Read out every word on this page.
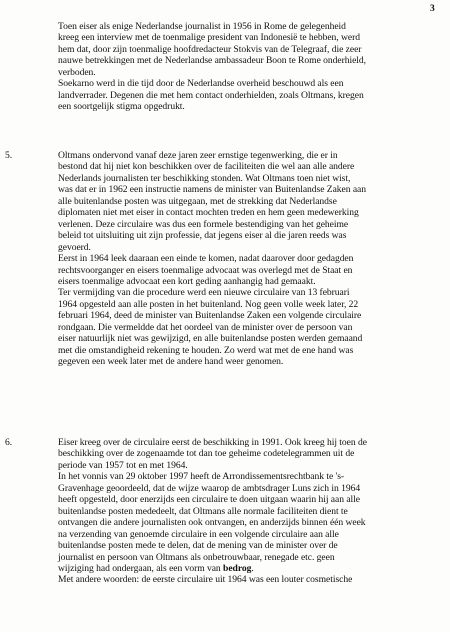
3
Toen eiser als enige Nederlandse journalist in 1956 in Rome de gelegenheid
kreeg een interview met de toenmalige president van Indonesië te hebben, werd
hem dat, door zijn toenmalige hoofdredacteur Stokvis van de Telegraaf, die zeer
nauwe betrekkingen met de Nederlandse ambassadeur Boon te Rome onderhield,
verboden.
Soekarno werd in die tijd door de Nederlandse overheid beschouwd als een
landverrader. Degenen die met hem contact onderhielden, zoals Oltmans, kregen
een soortgelijk stigma opgedrukt.
5.	Oltmans ondervond vanaf deze jaren zeer ernstige tegenwerking, die er in
bestond dat hij niet kon beschikken over de faciliteiten die wel aan alle andere
Nederlands journalisten ter beschikking stonden. Wat Oltmans toen niet wist,
was dat er in 1962 een instructie namens de minister van Buitenlandse Zaken aan
alle buitenlandse posten was uitgegaan, met de strekking dat Nederlandse
diplomaten niet met eiser in contact mochten treden en hem geen medewerking
verlenen. Deze circulaire was dus een formele bestendiging van het geheime
beleid tot uitsluiting uit zijn professie, dat jegens eiser al die jaren reeds was
gevoerd.
Eerst in 1964 leek daaraan een einde te komen, nadat daarover door gedagden
rechtsvoorganger en eisers toenmalige advocaat was overlegd met de Staat en
eisers toenmalige advocaat een kort geding aanhangig had gemaakt.
Ter vermijding van die procedure werd een nieuwe circulaire van 13 februari
1964 opgesteld aan alle posten in het buitenland. Nog geen volle week later, 22
februari 1964, deed de minister van Buitenlandse Zaken een volgende circulaire
rondgaan. Die vermeldde dat het oordeel van de minister over de persoon van
eiser natuurlijk niet was gewijzigd, en alle buitenlandse posten werden gemaand
met die omstandigheid rekening te houden. Zo werd wat met de ene hand was
gegeven een week later met de andere hand weer genomen.
6.	Eiser kreeg over de circulaire eerst de beschikking in 1991. Ook kreeg hij toen de
beschikking over de zogenaamde tot dan toe geheime codetelegrammen uit de
periode van 1957 tot en met 1964.
In het vonnis van 29 oktober 1997 heeft de Arrondissementsrechtbank te 's-
Gravenhage geoordeeld, dat de wijze waarop de ambtsdrager Luns zich in 1964
heeft opgesteld, door enerzijds een circulaire te doen uitgaan waarin hij aan alle
buitenlandse posten mededeelt, dat Oltmans alle normale faciliteiten dient te
ontvangen die andere journalisten ook ontvangen, en anderzijds binnen één week
na verzending van genoemde circulaire in een volgende circulaire aan alle
buitenlandse posten mede te delen, dat de mening van de minister over de
journalist en persoon van Oltmans als onbetrouwbaar, renegade etc. geen
wijziging had ondergaan, als een vorm van bedrog.
Met andere woorden: de eerste circulaire uit 1964 was een louter cosmetische
